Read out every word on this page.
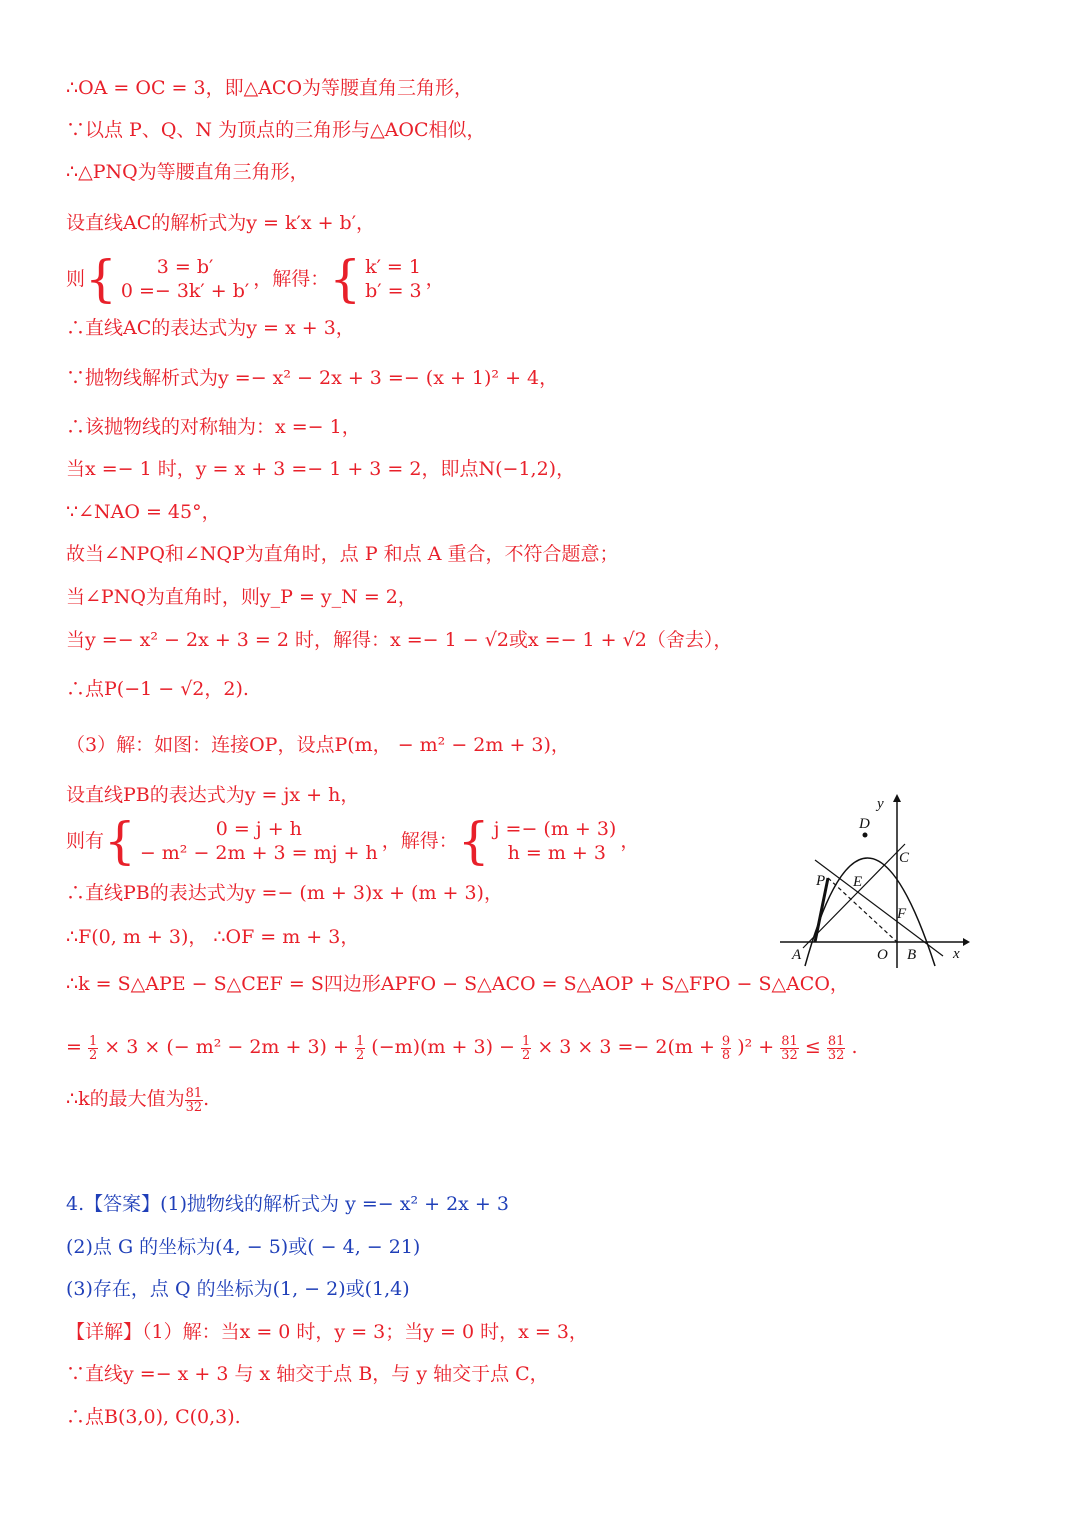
∴OA = OC = 3，即△ACO为等腰直角三角形，
∵以点 P、Q、N 为顶点的三角形与△AOC相似，
∴△PNQ为等腰直角三角形，
设直线AC的解析式为y = k′x + b′，
则	{	3 = b′
0 =− 3k′ + b′
	，解得：	{	k′ = 1
b′ = 3
	，
∴直线AC的表达式为y = x + 3，
∵抛物线解析式为y =− x² − 2x + 3 =− (x + 1)² + 4，
∴该抛物线的对称轴为：x =− 1，
当x =− 1 时，y = x + 3 =− 1 + 3 = 2，即点N(−1,2)，
∵∠NAO = 45°，
故当∠NPQ和∠NQP为直角时，点 P 和点 A 重合，不符合题意；
当∠PNQ为直角时，则y_P = y_N = 2，
当y =− x² − 2x + 3 = 2 时，解得：x =− 1 − √2或x =− 1 + √2（舍去），
∴点P(−1 − √2，2).
（3）解：如图：连接OP，设点P(m， − m² − 2m + 3)，
设直线PB的表达式为y = jx + h，
则有	{	0 = j + h
− m² − 2m + 3 = mj + h
	，解得：	{	j =− (m + 3)
h = m + 3
	，
∴直线PB的表达式为y =− (m + 3)x + (m + 3)，
∴F(0, m + 3)， ∴OF = m + 3，
∴k = S△APE − S△CEF = S四边形APFO − S△ACO = S△AOP + S△FPO − S△ACO，
= $\frac{1}{2} \times 3$ × (− $m^2 - 2m + 3) + \frac{1}{2} (-m)(m + 3) - \frac{1}{2} \times 3 \times 3 =- 2(m + \frac{9}{8} )^2 + \frac{81}{32} \le \frac{81}{32}$ .
∴k的最大值为 $\frac{81}{32}$ .
4.【答案】(1)抛物线的解析式为 y =− x² + 2x + 3
(2)点 G 的坐标为(4, − 5)或( − 4, − 21)
(3)存在，点 Q 的坐标为(1, − 2)或(1,4)
【详解】（1）解：当x = 0 时，y = 3；当y = 0 时，x = 3，
∵直线y =− x + 3 与 x 轴交于点 B，与 y 轴交于点 C，
∴点B(3,0), C(0,3).
y
x
D
C
P E
F
A	O B
